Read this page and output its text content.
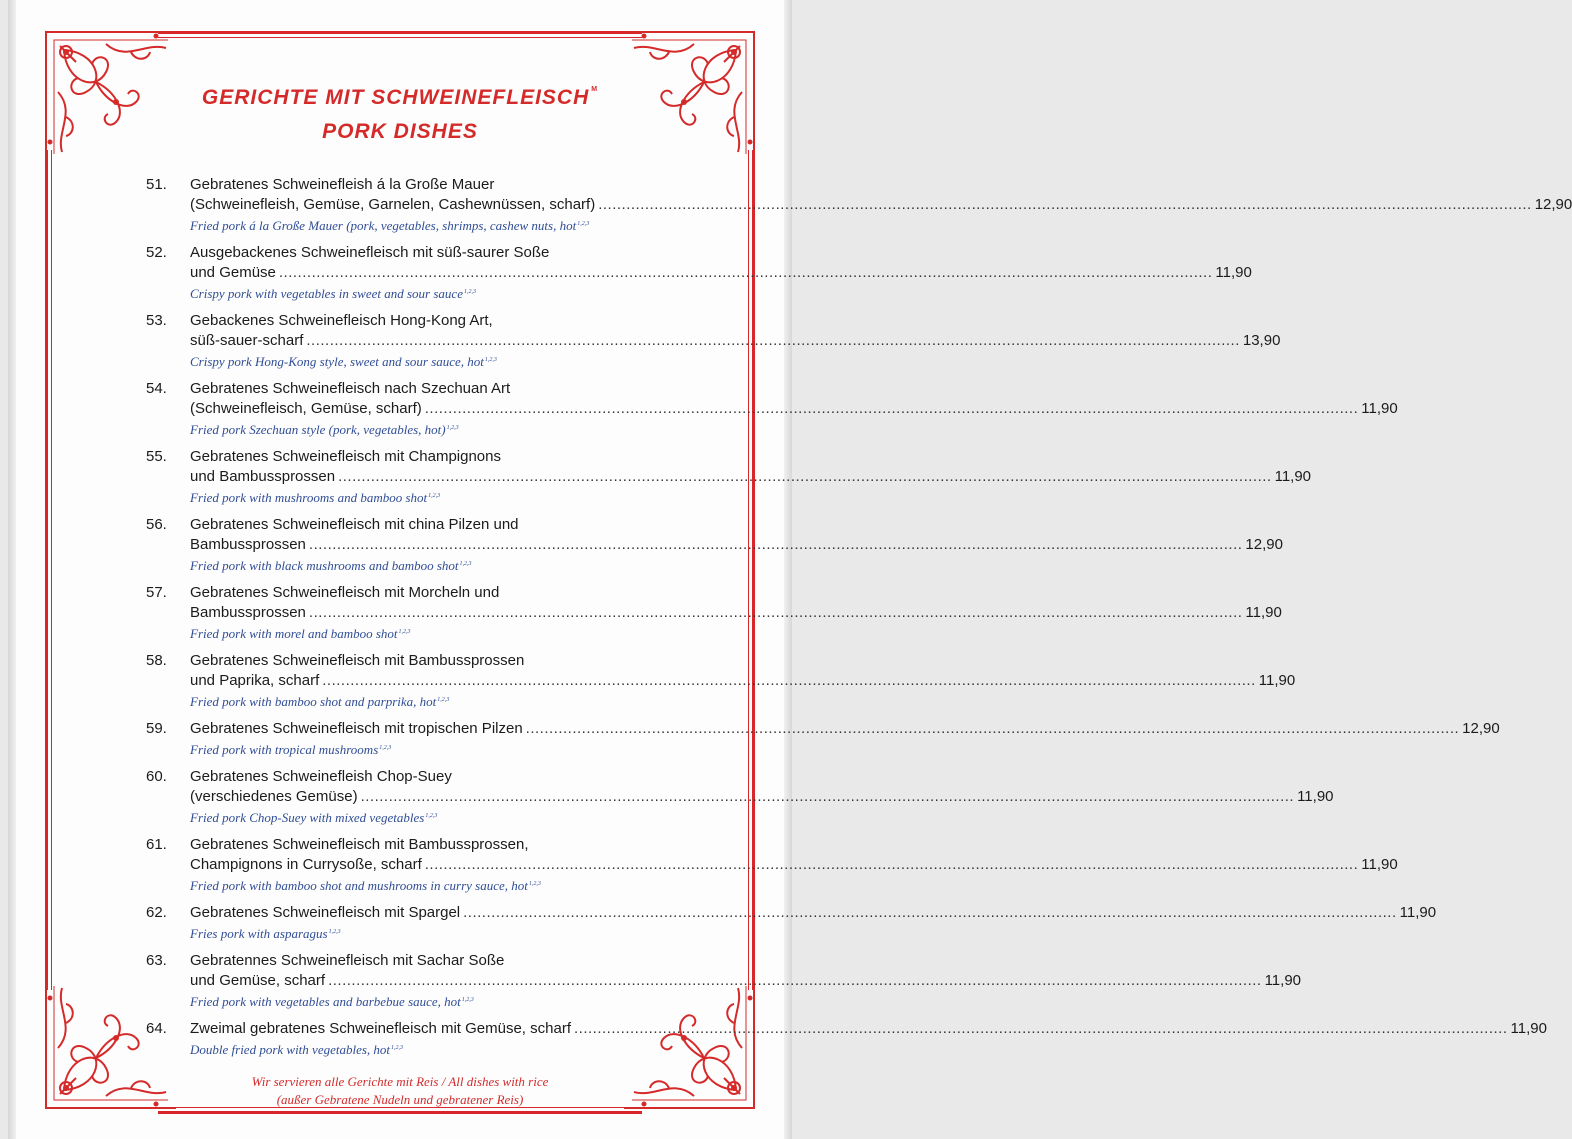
GERICHTE MIT SCHWEINEFLEISCH $^M$
PORK DISHES
51.	Gebratenes Schweinefleish á la Große Mauer
(Schweinefleish, Gemüse, Garnelen, Cashewnüssen, scharf) ........................................................................................................................................................................................................ 12,90
Fried pork á la Große Mauer (pork, vegetables, shrimps, cashew nuts, hot$^{1,2,3}$
52.	Ausgebackenes Schweinefleisch mit süß-saurer Soße
und Gemüse ........................................................................................................................................................................................................ 11,90
Crispy pork with vegetables in sweet and sour sauce$^{1,2,3}$
53.	Gebackenes Schweinefleisch Hong-Kong Art,
süß-sauer-scharf ........................................................................................................................................................................................................ 13,90
Crispy pork Hong-Kong style, sweet and sour sauce, hot$^{1,2,3}$
54.	Gebratenes Schweinefleisch nach Szechuan Art
(Schweinefleisch, Gemüse, scharf) ........................................................................................................................................................................................................ 11,90
Fried pork Szechuan style (pork, vegetables, hot)$^{1,2,3}$
55.	Gebratenes Schweinefleisch mit Champignons
und Bambussprossen ........................................................................................................................................................................................................ 11,90
Fried pork with mushrooms and bamboo shot$^{1,2,3}$
56.	Gebratenes Schweinefleisch mit china Pilzen und
Bambussprossen ........................................................................................................................................................................................................ 12,90
Fried pork with black mushrooms and bamboo shot$^{1,2,3}$
57.	Gebratenes Schweinefleisch mit Morcheln und
Bambussprossen ........................................................................................................................................................................................................ 11,90
Fried pork with morel and bamboo shot$^{1,2,3}$
58.	Gebratenes Schweinefleisch mit Bambussprossen
und Paprika, scharf ........................................................................................................................................................................................................ 11,90
Fried pork with bamboo shot and parprika, hot$^{1,2,3}$
59.	Gebratenes Schweinefleisch mit tropischen Pilzen ........................................................................................................................................................................................................ 12,90
Fried pork with tropical mushrooms$^{1,2,3}$
60.	Gebratenes Schweinefleish Chop-Suey
(verschiedenes Gemüse) ........................................................................................................................................................................................................ 11,90
Fried pork Chop-Suey with mixed vegetables$^{1,2,3}$
61.	Gebratenes Schweinefleisch mit Bambussprossen,
Champignons in Currysoße, scharf ........................................................................................................................................................................................................ 11,90
Fried pork with bamboo shot and mushrooms in curry sauce, hot$^{1,2,3}$
62.	Gebratenes Schweinefleisch mit Spargel ........................................................................................................................................................................................................ 11,90
Fries pork with asparagus$^{1,2,3}$
63.	Gebratennes Schweinefleisch mit Sachar Soße
und Gemüse, scharf ........................................................................................................................................................................................................ 11,90
Fried pork with vegetables and barbebue sauce, hot$^{1,2,3}$
64.	Zweimal gebratenes Schweinefleisch mit Gemüse, scharf ........................................................................................................................................................................................................ 11,90
Double fried pork with vegetables, hot$^{1,2,3}$
Wir servieren alle Gerichte mit Reis / All dishes with rice
(außer Gebratene Nudeln und gebratener Reis)
